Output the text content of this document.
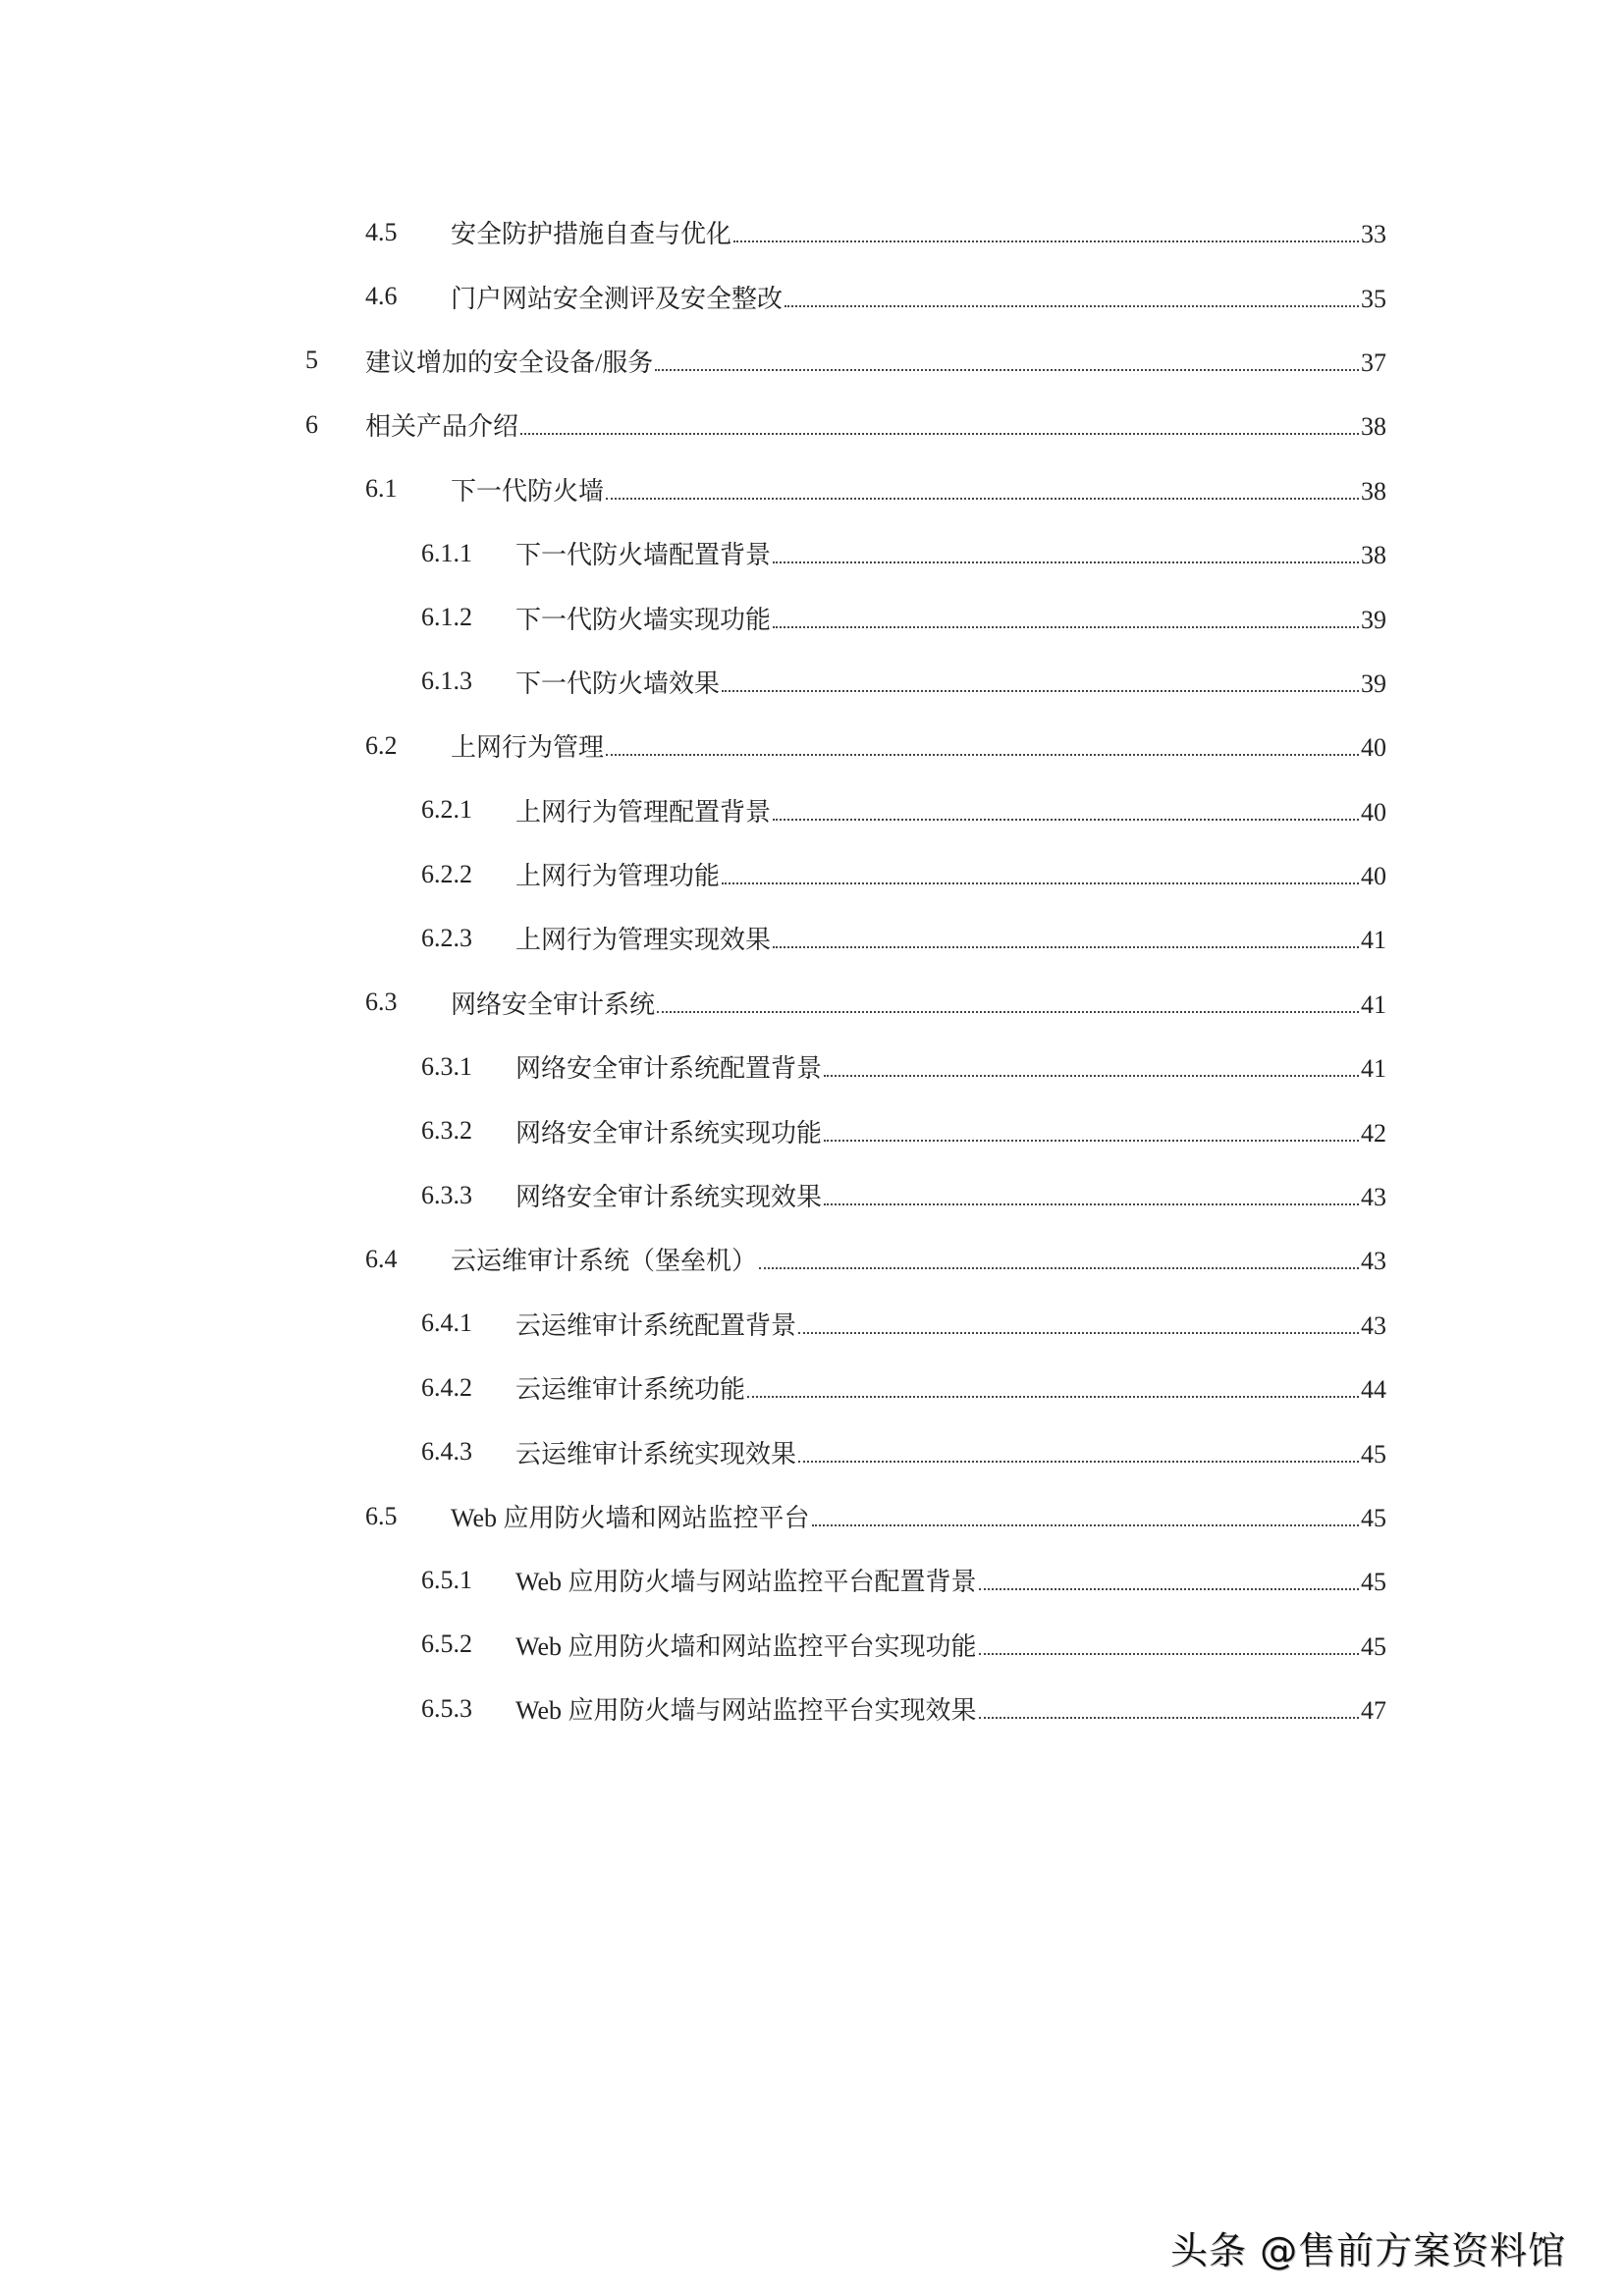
4.5 安全防护措施自查与优化	33
4.6 门户网站安全测评及安全整改	35
5 建议增加的安全设备/服务	37
6 相关产品介绍	38
6.1 下一代防火墙	38
6.1.1 下一代防火墙配置背景	38
6.1.2 下一代防火墙实现功能	39
6.1.3 下一代防火墙效果	39
6.2 上网行为管理	40
6.2.1 上网行为管理配置背景	40
6.2.2 上网行为管理功能	40
6.2.3 上网行为管理实现效果	41
6.3 网络安全审计系统	41
6.3.1 网络安全审计系统配置背景	41
6.3.2 网络安全审计系统实现功能	42
6.3.3 网络安全审计系统实现效果	43
6.4 云运维审计系统（堡垒机）	43
6.4.1 云运维审计系统配置背景	43
6.4.2 云运维审计系统功能	44
6.4.3 云运维审计系统实现效果	45
6.5 Web 应用防火墙和网站监控平台	45
6.5.1 Web 应用防火墙与网站监控平台配置背景	45
6.5.2 Web 应用防火墙和网站监控平台实现功能	45
6.5.3 Web 应用防火墙与网站监控平台实现效果	47
头条 @售前方案资料馆
